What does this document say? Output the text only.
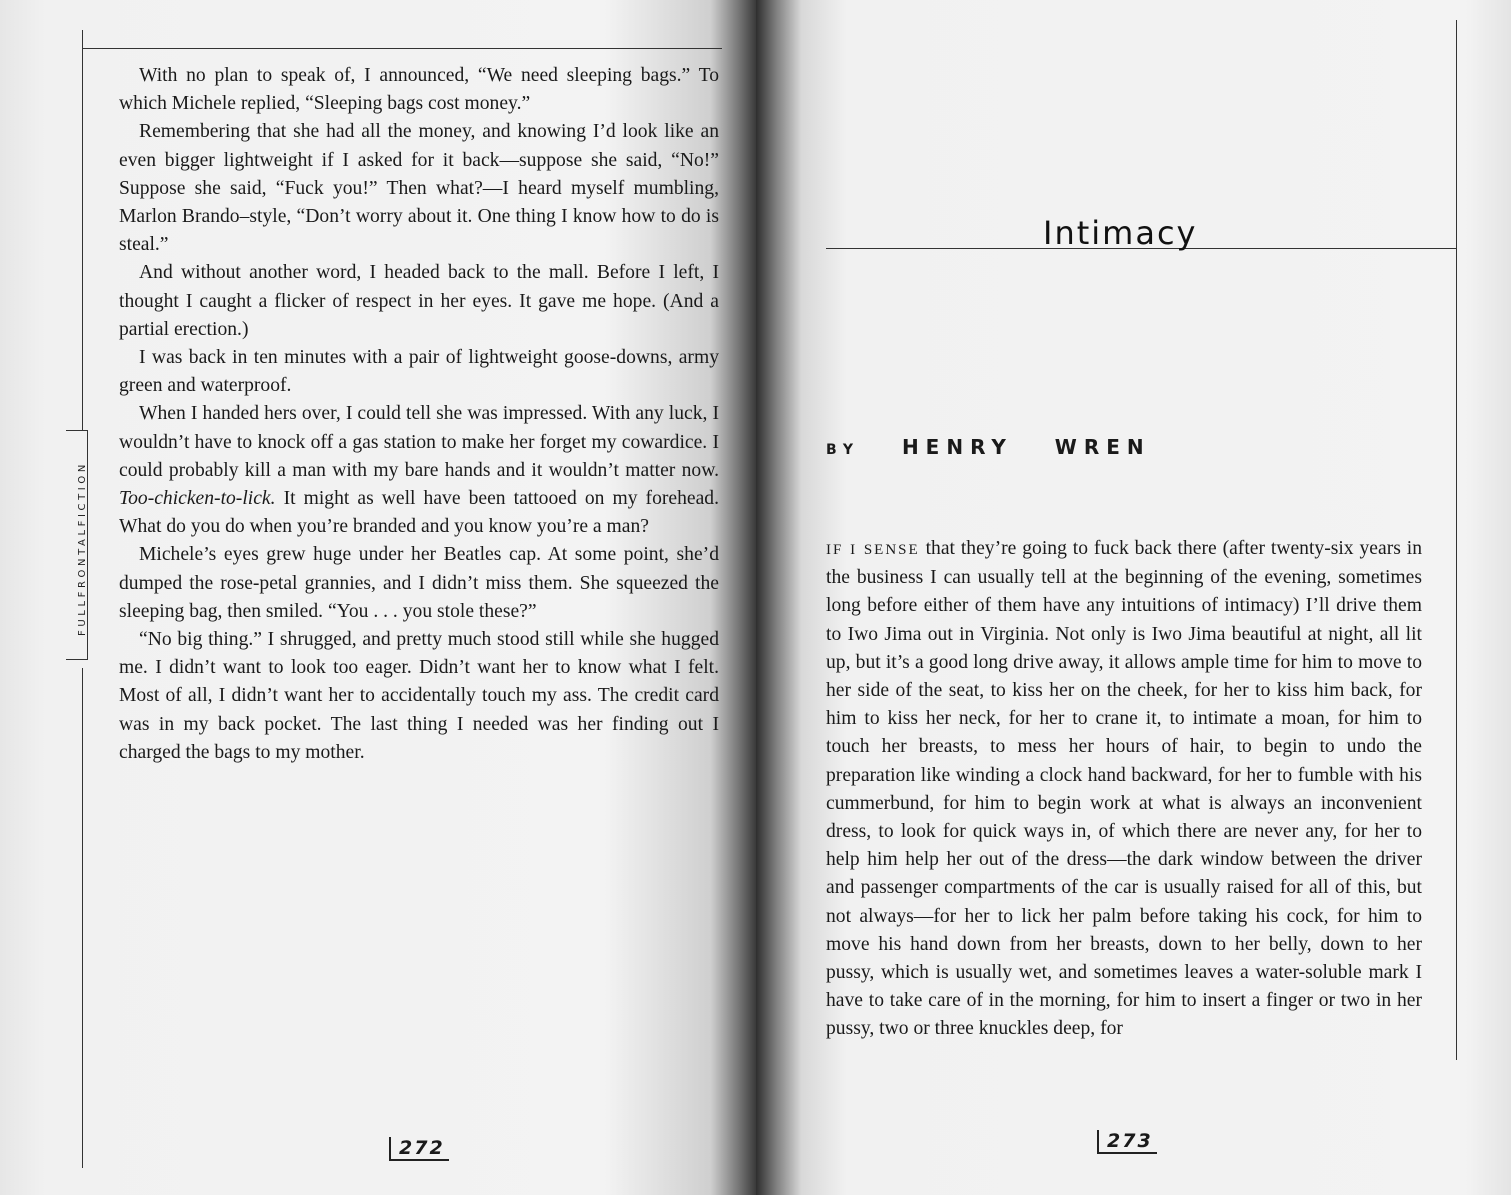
FULLFRONTALFICTION

With no plan to speak of, I announced, “We need sleeping bags.” To which Michele replied, “Sleeping bags cost money.”

Remembering that she had all the money, and knowing I’d look like an even bigger lightweight if I asked for it back—suppose she said, “No!” Suppose she said, “Fuck you!” Then what?—I heard myself mumbling, Marlon Brando–style, “Don’t worry about it. One thing I know how to do is steal.”

And without another word, I headed back to the mall. Before I left, I thought I caught a flicker of respect in her eyes. It gave me hope. (And a partial erection.)

I was back in ten minutes with a pair of lightweight goose-downs, army green and waterproof.

When I handed hers over, I could tell she was impressed. With any luck, I wouldn’t have to knock off a gas station to make her forget my cowardice. I could probably kill a man with my bare hands and it wouldn’t matter now. Too-chicken-to-lick. It might as well have been tattooed on my forehead. What do you do when you’re branded and you know you’re a man?

Michele’s eyes grew huge under her Beatles cap. At some point, she’d dumped the rose-petal grannies, and I didn’t miss them. She squeezed the sleeping bag, then smiled. “You . . . you stole these?”

“No big thing.” I shrugged, and pretty much stood still while she hugged me. I didn’t want to look too eager. Didn’t want her to know what I felt. Most of all, I didn’t want her to accidentally touch my ass. The credit card was in my back pocket. The last thing I needed was her finding out I charged the bags to my mother.

272
Intimacy
BY HENRY WREN

IF I SENSE that they’re going to fuck back there (after twenty-six years in the business I can usually tell at the beginning of the evening, sometimes long before either of them have any intuitions of intimacy) I’ll drive them to Iwo Jima out in Virginia. Not only is Iwo Jima beautiful at night, all lit up, but it’s a good long drive away, it allows ample time for him to move to her side of the seat, to kiss her on the cheek, for her to kiss him back, for him to kiss her neck, for her to crane it, to intimate a moan, for him to touch her breasts, to mess her hours of hair, to begin to undo the preparation like winding a clock hand backward, for her to fumble with his cummerbund, for him to begin work at what is always an inconvenient dress, to look for quick ways in, of which there are never any, for her to help him help her out of the dress—the dark window between the driver and passenger compartments of the car is usually raised for all of this, but not always—for her to lick her palm before taking his cock, for him to move his hand down from her breasts, down to her belly, down to her pussy, which is usually wet, and sometimes leaves a water-soluble mark I have to take care of in the morning, for him to insert a finger or two in her pussy, two or three knuckles deep, for

273
